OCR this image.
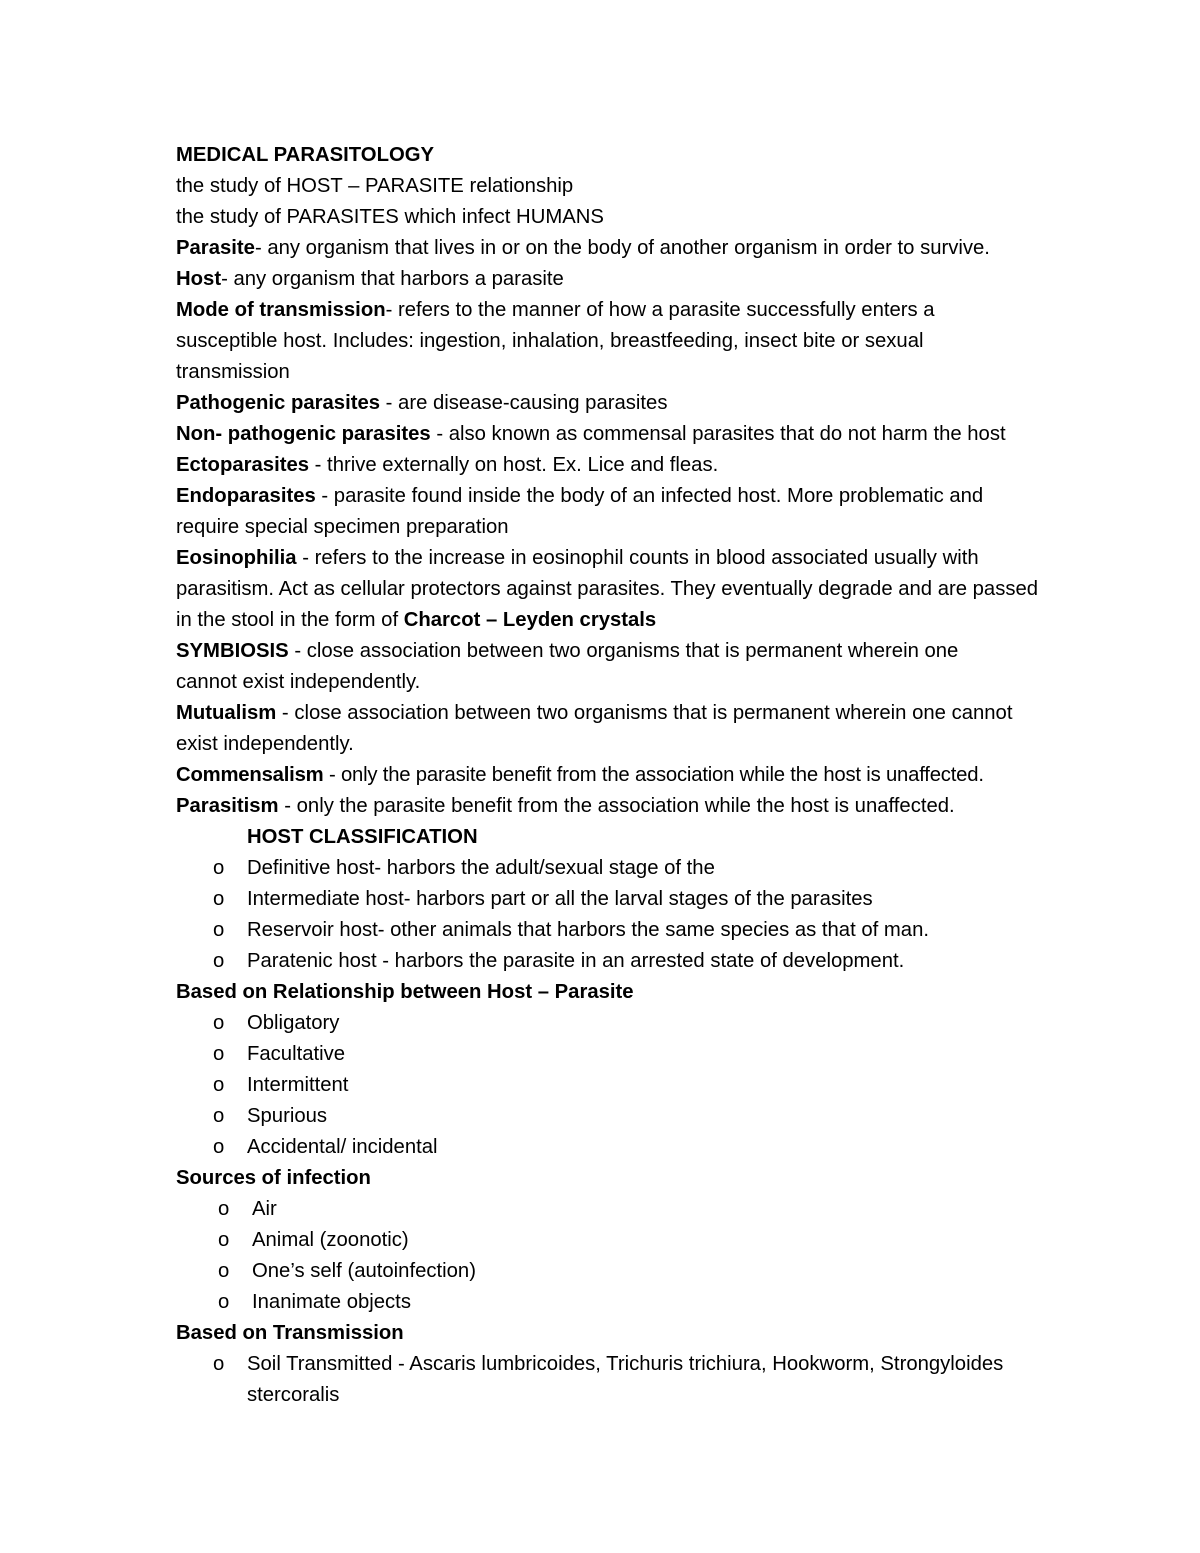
MEDICAL PARASITOLOGY
the study of HOST – PARASITE relationship
the study of PARASITES which infect HUMANS
Parasite- any organism that lives in or on the body of another organism in order to survive.
Host- any organism that harbors a parasite
Mode of transmission- refers to the manner of how a parasite successfully enters a susceptible host. Includes: ingestion, inhalation, breastfeeding, insect bite or sexual transmission
Pathogenic parasites - are disease-causing parasites
Non- pathogenic parasites - also known as commensal parasites that do not harm the host
Ectoparasites - thrive externally on host. Ex. Lice and fleas.
Endoparasites - parasite found inside the body of an infected host. More problematic and require special specimen preparation
Eosinophilia - refers to the increase in eosinophil counts in blood associated usually with parasitism. Act as cellular protectors against parasites. They eventually degrade and are passed in the stool in the form of Charcot – Leyden crystals
SYMBIOSIS - close association between two organisms that is permanent wherein one cannot exist independently.
Mutualism - close association between two organisms that is permanent wherein one cannot exist independently.
Commensalism - only the parasite benefit from the association while the host is unaffected.
Parasitism - only the parasite benefit from the association while the host is unaffected.
HOST CLASSIFICATION
o	Definitive host- harbors the adult/sexual stage of the
o	Intermediate host- harbors part or all the larval stages of the parasites
o	Reservoir host- other animals that harbors the same species as that of man.
o	Paratenic host - harbors the parasite in an arrested state of development.
Based on Relationship between Host – Parasite
o	Obligatory
o	Facultative
o	Intermittent
o	Spurious
o	Accidental/ incidental
Sources of infection
o	Air
o	Animal (zoonotic)
o	One’s self (autoinfection)
o	Inanimate objects
Based on Transmission
o	Soil Transmitted - Ascaris lumbricoides, Trichuris trichiura, Hookworm, Strongyloides stercoralis
